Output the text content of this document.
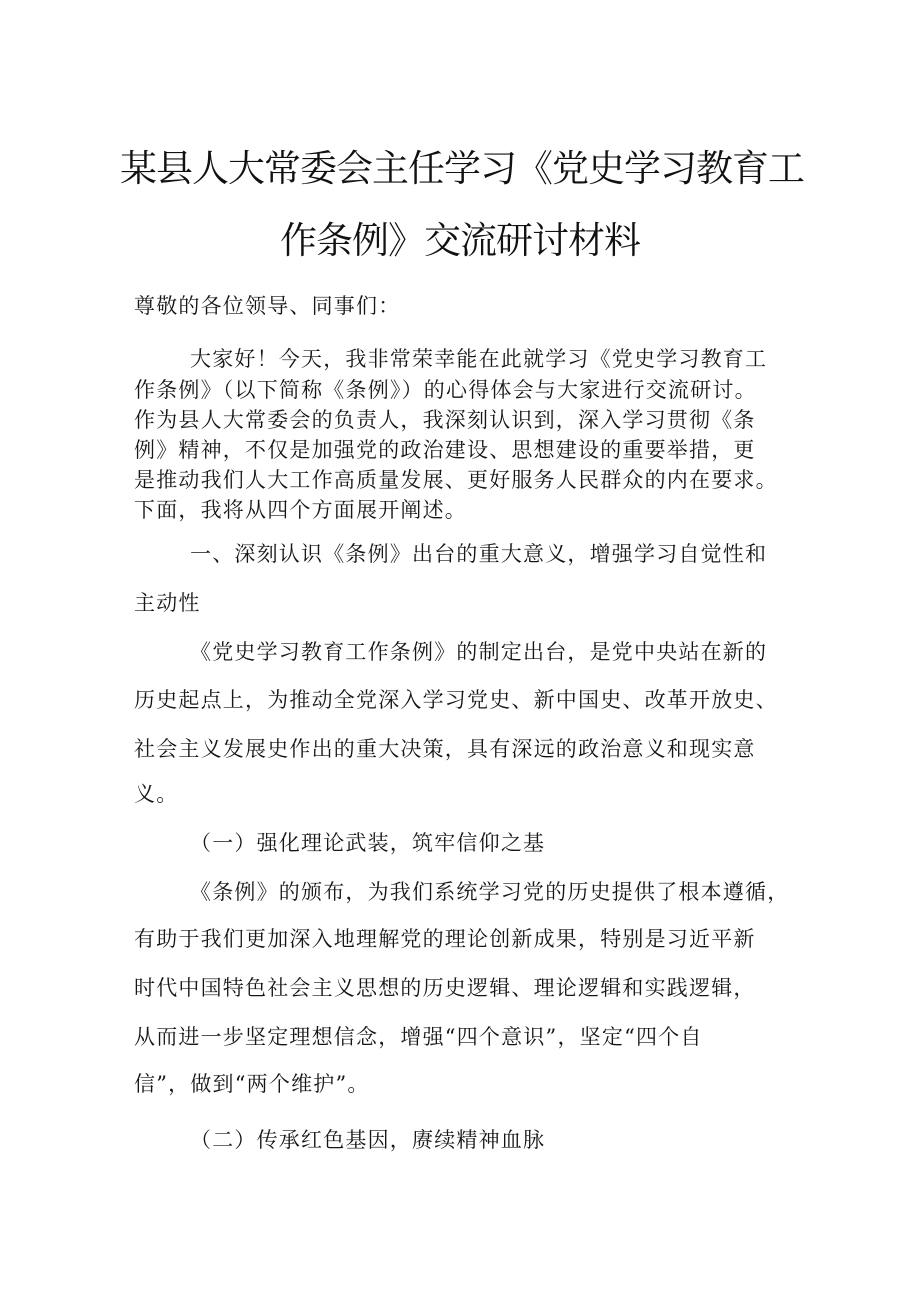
某县人大常委会主任学习《党史学习教育工
作条例》交流研讨材料
尊敬的各位领导、同事们：
大家好！今天，我非常荣幸能在此就学习《党史学习教育工
作条例》（以下简称《条例》）的心得体会与大家进行交流研讨。
作为县人大常委会的负责人，我深刻认识到，深入学习贯彻《条
例》精神，不仅是加强党的政治建设、思想建设的重要举措，更
是推动我们人大工作高质量发展、更好服务人民群众的内在要求。
下面，我将从四个方面展开阐述。
一、深刻认识《条例》出台的重大意义，增强学习自觉性和
主动性
《党史学习教育工作条例》的制定出台，是党中央站在新的
历史起点上，为推动全党深入学习党史、新中国史、改革开放史、
社会主义发展史作出的重大决策，具有深远的政治意义和现实意
义。
（一）强化理论武装，筑牢信仰之基
《条例》的颁布，为我们系统学习党的历史提供了根本遵循，
有助于我们更加深入地理解党的理论创新成果，特别是习近平新
时代中国特色社会主义思想的历史逻辑、理论逻辑和实践逻辑，
从而进一步坚定理想信念，增强“四个意识”，坚定“四个自
信”，做到“两个维护”。
（二）传承红色基因，赓续精神血脉
